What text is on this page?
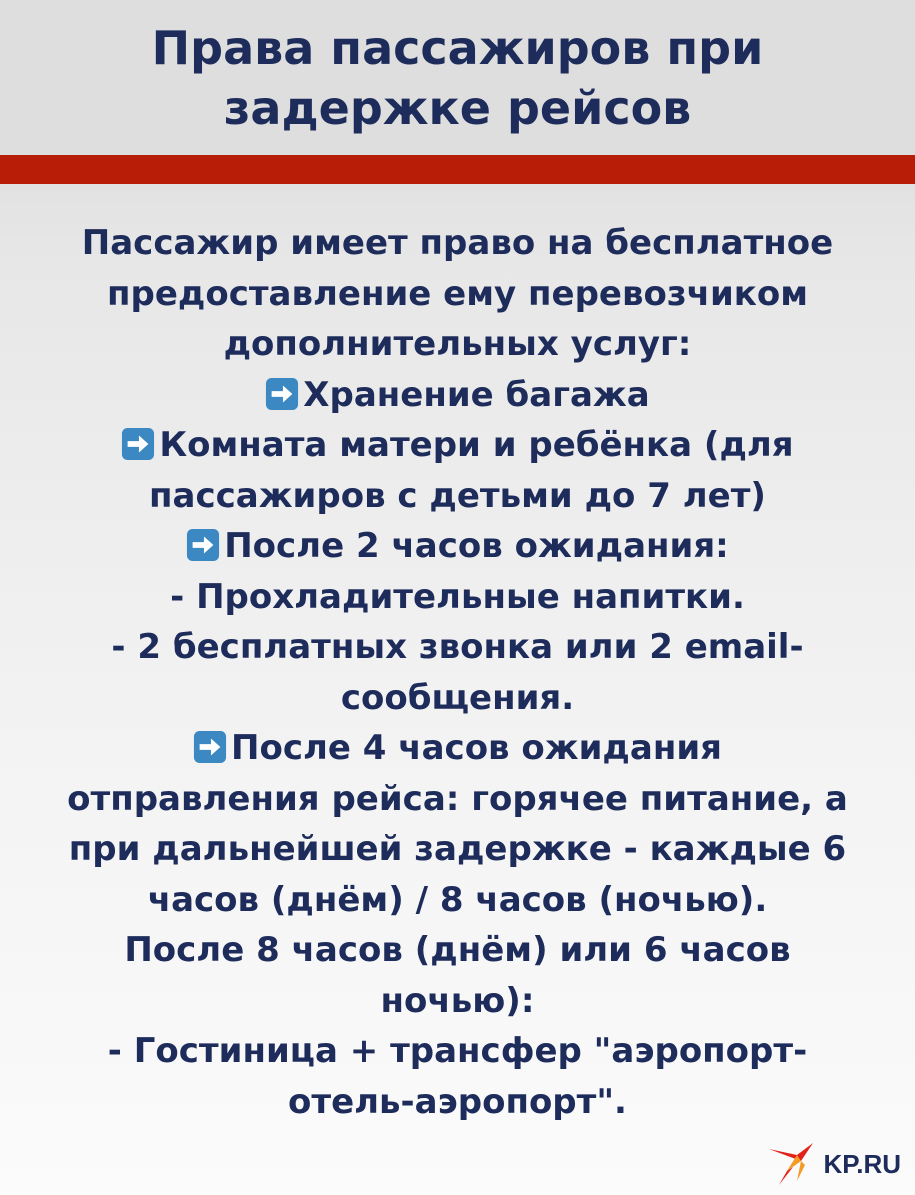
Права пассажиров при
задержке рейсов
Пассажир имеет право на бесплатное
предоставление ему перевозчиком
дополнительных услуг:
Хранение багажа
Комната матери и ребёнка (для
пассажиров с детьми до 7 лет)
После 2 часов ожидания:
- Прохладительные напитки.
- 2 бесплатных звонка или 2 email-
сообщения.
После 4 часов ожидания
отправления рейса: горячее питание, а
при дальнейшей задержке - каждые 6
часов (днём) / 8 часов (ночью).
После 8 часов (днём) или 6 часов
ночью):
- Гостиница + трансфер "аэропорт-
отель-аэропорт".
KP.RU
